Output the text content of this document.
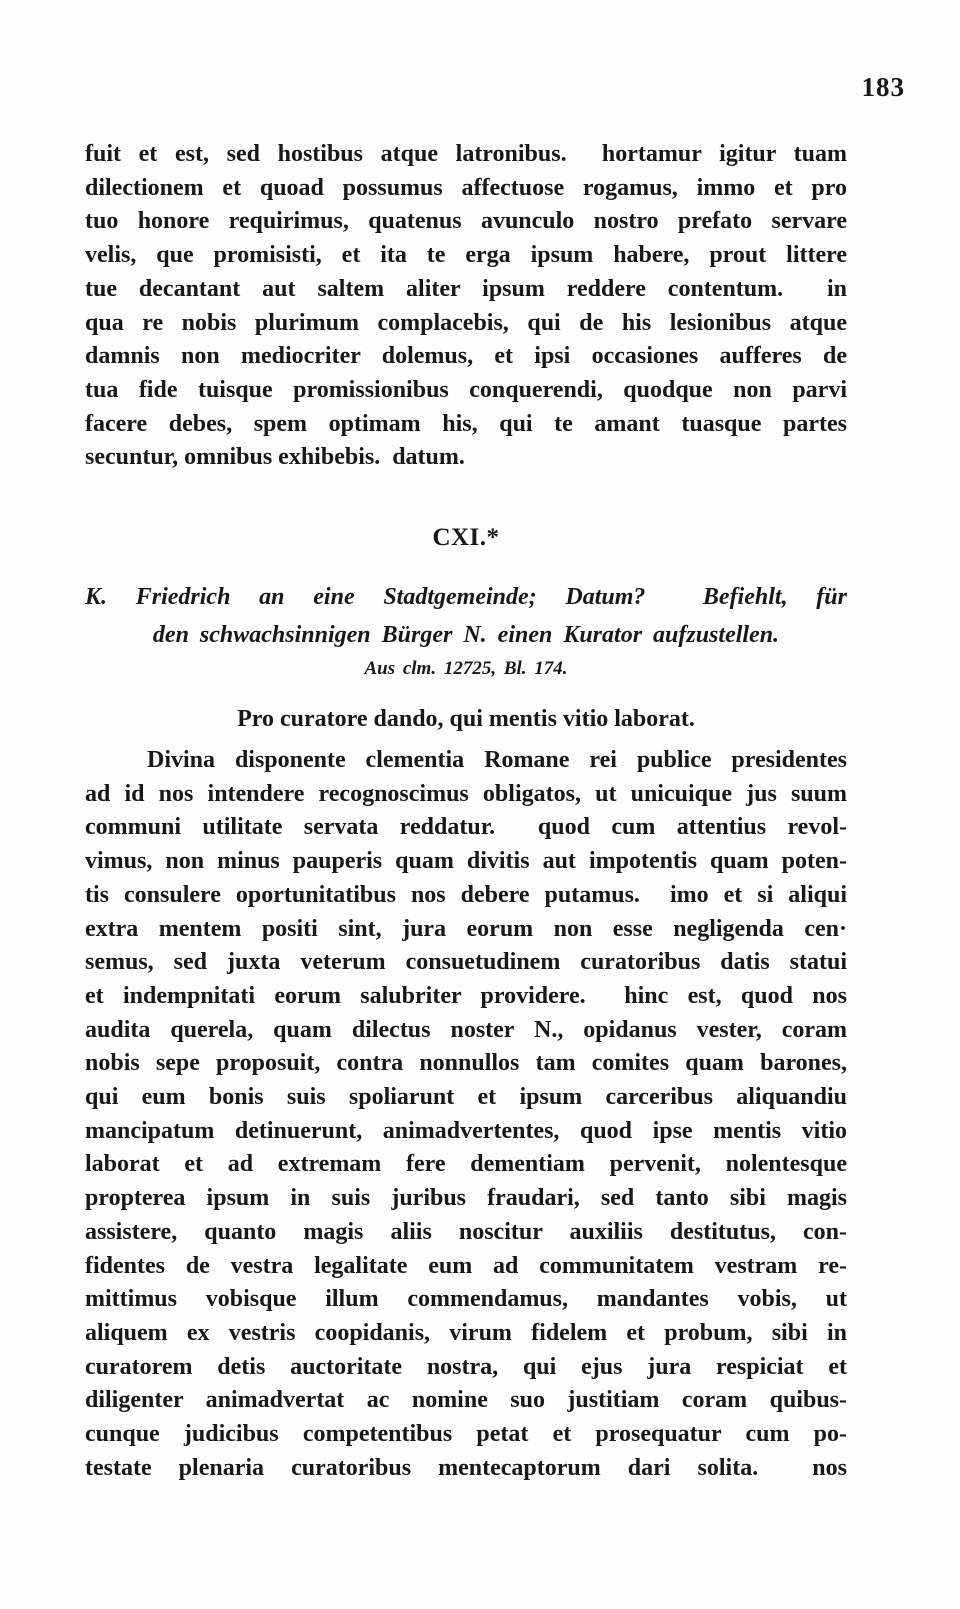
183
fuit et est, sed hostibus atque latronibus.  hortamur igitur tuam
dilectionem et quoad possumus affectuose rogamus, immo et pro
tuo honore requirimus, quatenus avunculo nostro prefato servare
velis, que promisisti, et ita te erga ipsum habere, prout littere
tue decantant aut saltem aliter ipsum reddere contentum.  in
qua re nobis plurimum complacebis, qui de his lesionibus atque
damnis non mediocriter dolemus, et ipsi occasiones aufferes de
tua fide tuisque promissionibus conquerendi, quodque non parvi
facere debes, spem optimam his, qui te amant tuasque partes
secuntur, omnibus exhibebis.  datum.
CXI.*
K. Friedrich an eine Stadtgemeinde; Datum?  Befiehlt, für
den schwachsinnigen Bürger N. einen Kurator aufzustellen.
Aus clm. 12725, Bl. 174.
Pro curatore dando, qui mentis vitio laborat.
Divina disponente clementia Romane rei publice presidentes
ad id nos intendere recognoscimus obligatos, ut unicuique jus suum
communi utilitate servata reddatur.  quod cum attentius revol-
vimus, non minus pauperis quam divitis aut impotentis quam poten-
tis consulere oportunitatibus nos debere putamus.  imo et si aliqui
extra mentem positi sint, jura eorum non esse negligenda cen·
semus, sed juxta veterum consuetudinem curatoribus datis statui
et indempnitati eorum salubriter providere.  hinc est, quod nos
audita querela, quam dilectus noster N., opidanus vester, coram
nobis sepe proposuit, contra nonnullos tam comites quam barones,
qui eum bonis suis spoliarunt et ipsum carceribus aliquandiu
mancipatum detinuerunt, animadvertentes, quod ipse mentis vitio
laborat et ad extremam fere dementiam pervenit, nolentesque
propterea ipsum in suis juribus fraudari, sed tanto sibi magis
assistere, quanto magis aliis noscitur auxiliis destitutus, con-
fidentes de vestra legalitate eum ad communitatem vestram re-
mittimus vobisque illum commendamus, mandantes vobis, ut
aliquem ex vestris coopidanis, virum fidelem et probum, sibi in
curatorem detis auctoritate nostra, qui ejus jura respiciat et
diligenter animadvertat ac nomine suo justitiam coram quibus-
cunque judicibus competentibus petat et prosequatur cum po-
testate plenaria curatoribus mentecaptorum dari solita.  nos
